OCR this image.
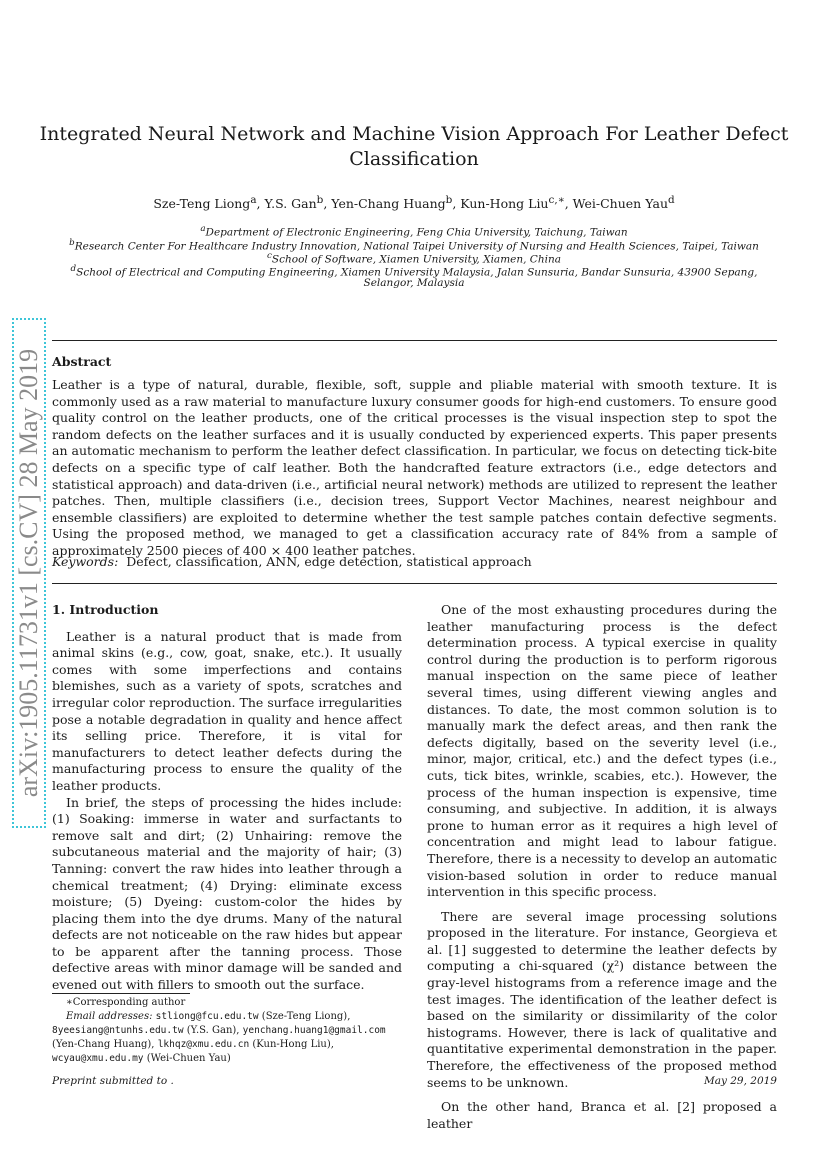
arXiv:1905.11731v1 [cs.CV] 28 May 2019
Integrated Neural Network and Machine Vision Approach For Leather Defect
Classification
Sze-Teng Liong$^a$, Y.S. Gan$^b$, Yen-Chang Huang$^b$, Kun-Hong Liu$^{c,∗}$, Wei-Chuen Yau$^d$
$^a$Department of Electronic Engineering, Feng Chia University, Taichung, Taiwan
$^b$Research Center For Healthcare Industry Innovation, National Taipei University of Nursing and Health Sciences, Taipei, Taiwan
$^c$School of Software, Xiamen University, Xiamen, China
$^d$School of Electrical and Computing Engineering, Xiamen University Malaysia, Jalan Sunsuria, Bandar Sunsuria, 43900 Sepang,
Selangor, Malaysia
Abstract

Leather is a type of natural, durable, flexible, soft, supple and pliable material with smooth texture. It is commonly used as a raw material to manufacture luxury consumer goods for high-end customers. To ensure good quality control on the leather products, one of the critical processes is the visual inspection step to spot the random defects on the leather surfaces and it is usually conducted by experienced experts. This paper presents an automatic mechanism to perform the leather defect classification. In particular, we focus on detecting tick-bite defects on a specific type of calf leather. Both the handcrafted feature extractors (i.e., edge detectors and statistical approach) and data-driven (i.e., artificial neural network) methods are utilized to represent the leather patches. Then, multiple classifiers (i.e., decision trees, Support Vector Machines, nearest neighbour and ensemble classifiers) are exploited to determine whether the test sample patches contain defective segments. Using the proposed method, we managed to get a classification accuracy rate of 84% from a sample of approximately 2500 pieces of 400 × 400 leather patches.

Keywords: Defect, classification, ANN, edge detection, statistical approach
1. Introduction

Leather is a natural product that is made from animal skins (e.g., cow, goat, snake, etc.). It usually comes with some imperfections and contains blemishes, such as a variety of spots, scratches and irregular color reproduction. The surface irregularities pose a notable degradation in quality and hence affect its selling price. Therefore, it is vital for manufacturers to detect leather defects during the manufacturing process to ensure the quality of the leather products.

In brief, the steps of processing the hides include: (1) Soaking: immerse in water and surfactants to remove salt and dirt; (2) Unhairing: remove the subcutaneous material and the majority of hair; (3) Tanning: convert the raw hides into leather through a chemical treatment; (4) Drying: eliminate excess moisture; (5) Dyeing: custom-color the hides by placing them into the dye drums. Many of the natural defects are not noticeable on the raw hides but appear to be apparent after the tanning process. Those defective areas with minor damage will be sanded and evened out with fillers to smooth out the surface.

One of the most exhausting procedures during the leather manufacturing process is the defect determination process. A typical exercise in quality control during the production is to perform rigorous manual inspection on the same piece of leather several times, using different viewing angles and distances. To date, the most common solution is to manually mark the defect areas, and then rank the defects digitally, based on the severity level (i.e., minor, major, critical, etc.) and the defect types (i.e., cuts, tick bites, wrinkle, scabies, etc.). However, the process of the human inspection is expensive, time consuming, and subjective. In addition, it is always prone to human error as it requires a high level of concentration and might lead to labour fatigue. Therefore, there is a necessity to develop an automatic vision-based solution in order to reduce manual intervention in this specific process.

There are several image processing solutions proposed in the literature. For instance, Georgieva et al. [1] suggested to determine the leather defects by computing a chi-squared (χ²) distance between the gray-level histograms from a reference image and the test images. The identification of the leather defect is based on the similarity or dissimilarity of the color histograms. However, there is lack of qualitative and quantitative experimental demonstration in the paper. Therefore, the effectiveness of the proposed method seems to be unknown.

On the other hand, Branca et al. [2] proposed a leather

∗Corresponding author

Email addresses: stliong@fcu.edu.tw (Sze-Teng Liong),

8yeesiang@ntunhs.edu.tw (Y.S. Gan), yenchang.huang1@gmail.com

(Yen-Chang Huang), lkhqz@xmu.edu.cn (Kun-Hong Liu),

wcyau@xmu.edu.my (Wei-Chuen Yau)

Preprint submitted to .	May 29, 2019
